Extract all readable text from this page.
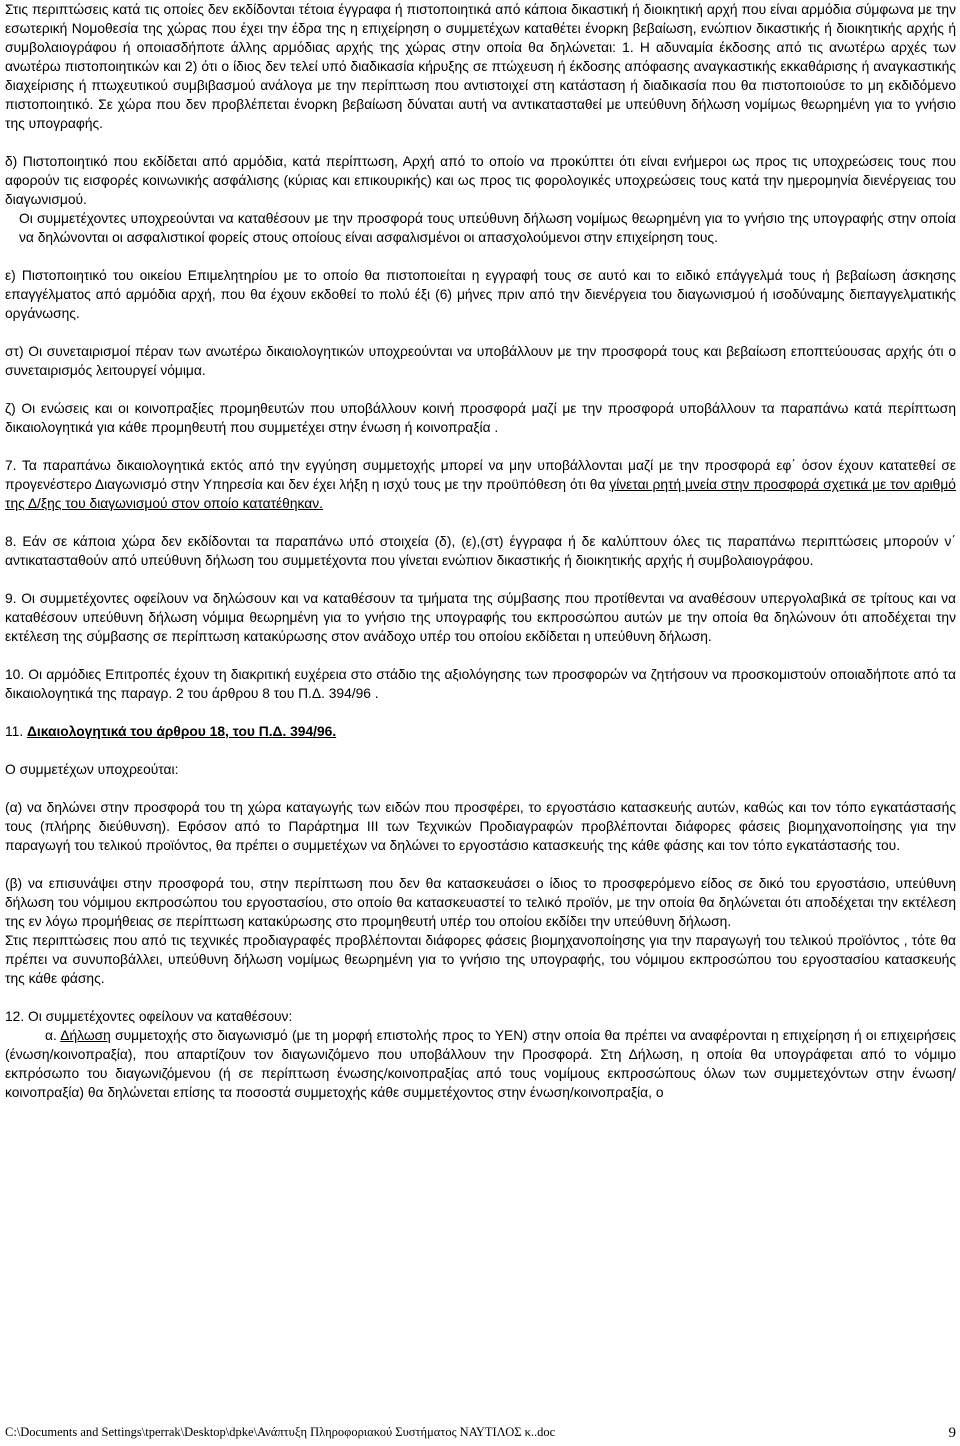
Στις περιπτώσεις κατά τις οποίες δεν εκδίδονται τέτοια έγγραφα ή πιστοποιητικά από κάποια δικαστική ή διοικητική αρχή που είναι αρμόδια σύμφωνα με την εσωτερική Νομοθεσία της χώρας που έχει την έδρα της η επιχείρηση ο συμμετέχων καταθέτει ένορκη βεβαίωση, ενώπιον δικαστικής ή διοικητικής αρχής ή συμβολαιογράφου ή οποιασδήποτε άλλης αρμόδιας αρχής της χώρας στην οποία θα δηλώνεται: 1. Η αδυναμία έκδοσης από τις ανωτέρω αρχές των ανωτέρω πιστοποιητικών και 2) ότι ο ίδιος δεν τελεί υπό διαδικασία κήρυξης σε πτώχευση ή έκδοσης απόφασης αναγκαστικής εκκαθάρισης ή αναγκαστικής διαχείρισης ή πτωχευτικού συμβιβασμού ανάλογα με την περίπτωση που αντιστοιχεί στη κατάσταση ή διαδικασία που θα πιστοποιούσε το μη εκδιδόμενο πιστοποιητικό. Σε χώρα που δεν προβλέπεται ένορκη βεβαίωση δύναται αυτή να αντικατασταθεί με υπεύθυνη δήλωση νομίμως θεωρημένη για το γνήσιο της υπογραφής.

δ) Πιστοποιητικό που εκδίδεται από αρμόδια, κατά περίπτωση, Αρχή από το οποίο να προκύπτει ότι είναι ενήμεροι ως προς τις υποχρεώσεις τους που αφορούν τις εισφορές κοινωνικής ασφάλισης (κύριας και επικουρικής) και ως προς τις φορολογικές υποχρεώσεις τους κατά την ημερομηνία διενέργειας του διαγωνισμού.

Οι συμμετέχοντες υποχρεούνται να καταθέσουν με την προσφορά τους υπεύθυνη δήλωση νομίμως θεωρημένη για το γνήσιο της υπογραφής στην οποία να δηλώνονται οι ασφαλιστικοί φορείς στους οποίους είναι ασφαλισμένοι οι απασχολούμενοι στην επιχείρηση τους.

ε) Πιστοποιητικό του οικείου Επιμελητηρίου με το οποίο θα πιστοποιείται η εγγραφή τους σε αυτό και το ειδικό επάγγελμά τους ή βεβαίωση άσκησης επαγγέλματος από αρμόδια αρχή, που θα έχουν εκδοθεί το πολύ έξι (6) μήνες πριν από την διενέργεια του διαγωνισμού ή ισοδύναμης διεπαγγελματικής οργάνωσης.

στ) Οι συνεταιρισμοί πέραν των ανωτέρω δικαιολογητικών υποχρεούνται να υποβάλλουν με την προσφορά τους και βεβαίωση εποπτεύουσας αρχής ότι ο συνεταιρισμός λειτουργεί νόμιμα.

ζ) Οι ενώσεις και οι κοινοπραξίες προμηθευτών που υποβάλλουν κοινή προσφορά μαζί με την προσφορά υποβάλλουν τα παραπάνω κατά περίπτωση δικαιολογητικά για κάθε προμηθευτή που συμμετέχει στην ένωση ή κοινοπραξία .

7. Τα παραπάνω δικαιολογητικά εκτός από την εγγύηση συμμετοχής μπορεί να μην υποβάλλονται μαζί με την προσφορά εφ΄ όσον έχουν κατατεθεί σε προγενέστερο Διαγωνισμό στην Υπηρεσία και δεν έχει λήξη η ισχύ τους με την προϋπόθεση ότι θα γίνεται ρητή μνεία στην προσφορά σχετικά με τον αριθμό της Δ/ξης του διαγωνισμού στον οποίο κατατέθηκαν.

8. Εάν σε κάποια χώρα δεν εκδίδονται τα παραπάνω υπό στοιχεία (δ), (ε),(στ) έγγραφα ή δε καλύπτουν όλες τις παραπάνω περιπτώσεις μπορούν ν΄ αντικατασταθούν από υπεύθυνη δήλωση του συμμετέχοντα που γίνεται ενώπιον δικαστικής ή διοικητικής αρχής ή συμβολαιογράφου.

9. Οι συμμετέχοντες οφείλουν να δηλώσουν και να καταθέσουν τα τμήματα της σύμβασης που προτίθενται να αναθέσουν υπεργολαβικά σε τρίτους και να καταθέσουν υπεύθυνη δήλωση νόμιμα θεωρημένη για το γνήσιο της υπογραφής του εκπροσώπου αυτών με την οποία θα δηλώνουν ότι αποδέχεται την εκτέλεση της σύμβασης σε περίπτωση κατακύρωσης στον ανάδοχο υπέρ του οποίου εκδίδεται η υπεύθυνη δήλωση.

10. Οι αρμόδιες Επιτροπές έχουν τη διακριτική ευχέρεια στο στάδιο της αξιολόγησης των προσφορών να ζητήσουν να προσκομιστούν οποιαδήποτε από τα δικαιολογητικά της παραγρ. 2 του άρθρου 8 του Π.Δ. 394/96 .

11. Δικαιολογητικά του άρθρου 18, του Π.Δ. 394/96.

Ο συμμετέχων υποχρεούται:

(α) να δηλώνει στην προσφορά του τη χώρα καταγωγής των ειδών που προσφέρει, το εργοστάσιο κατασκευής αυτών, καθώς και τον τόπο εγκατάστασής τους (πλήρης διεύθυνση). Εφόσον από το Παράρτημα ΙΙΙ των Τεχνικών Προδιαγραφών προβλέπονται διάφορες φάσεις βιομηχανοποίησης για την παραγωγή του τελικού προϊόντος, θα πρέπει ο συμμετέχων να δηλώνει το εργοστάσιο κατασκευής της κάθε φάσης και τον τόπο εγκατάστασής του.

(β) να επισυνάψει στην προσφορά του, στην περίπτωση που δεν θα κατασκευάσει ο ίδιος το προσφερόμενο είδος σε δικό του εργοστάσιο, υπεύθυνη δήλωση του νόμιμου εκπροσώπου του εργοστασίου, στο οποίο θα κατασκευαστεί το τελικό προϊόν, με την οποία θα δηλώνεται ότι αποδέχεται την εκτέλεση της εν λόγω προμήθειας σε περίπτωση κατακύρωσης στο προμηθευτή υπέρ του οποίου εκδίδει την υπεύθυνη δήλωση.

Στις περιπτώσεις που από τις τεχνικές προδιαγραφές προβλέπονται διάφορες φάσεις βιομηχανοποίησης για την παραγωγή του τελικού προϊόντος , τότε θα πρέπει να συνυποβάλλει, υπεύθυνη δήλωση νομίμως θεωρημένη για το γνήσιο της υπογραφής, του νόμιμου εκπροσώπου του εργοστασίου κατασκευής της κάθε φάσης.

12. Οι συμμετέχοντες οφείλουν να καταθέσουν:

α. Δήλωση συμμετοχής στο διαγωνισμό (με τη μορφή επιστολής προς το ΥΕΝ) στην οποία θα πρέπει να αναφέρονται η επιχείρηση ή οι επιχειρήσεις (ένωση/κοινοπραξία), που απαρτίζουν τον διαγωνιζόμενο που υποβάλλουν την Προσφορά. Στη Δήλωση, η οποία θα υπογράφεται από το νόμιμο εκπρόσωπο του διαγωνιζόμενου (ή σε περίπτωση ένωσης/κοινοπραξίας από τους νομίμους εκπροσώπους όλων των συμμετεχόντων στην ένωση/κοινοπραξία) θα δηλώνεται επίσης τα ποσοστά συμμετοχής κάθε συμμετέχοντος στην ένωση/κοινοπραξία, ο

C:\Documents and Settings\tperrak\Desktop\dpke\Ανάπτυξη Πληροφοριακού Συστήματος ΝΑΥΤΙΛΟΣ κ..doc	9
